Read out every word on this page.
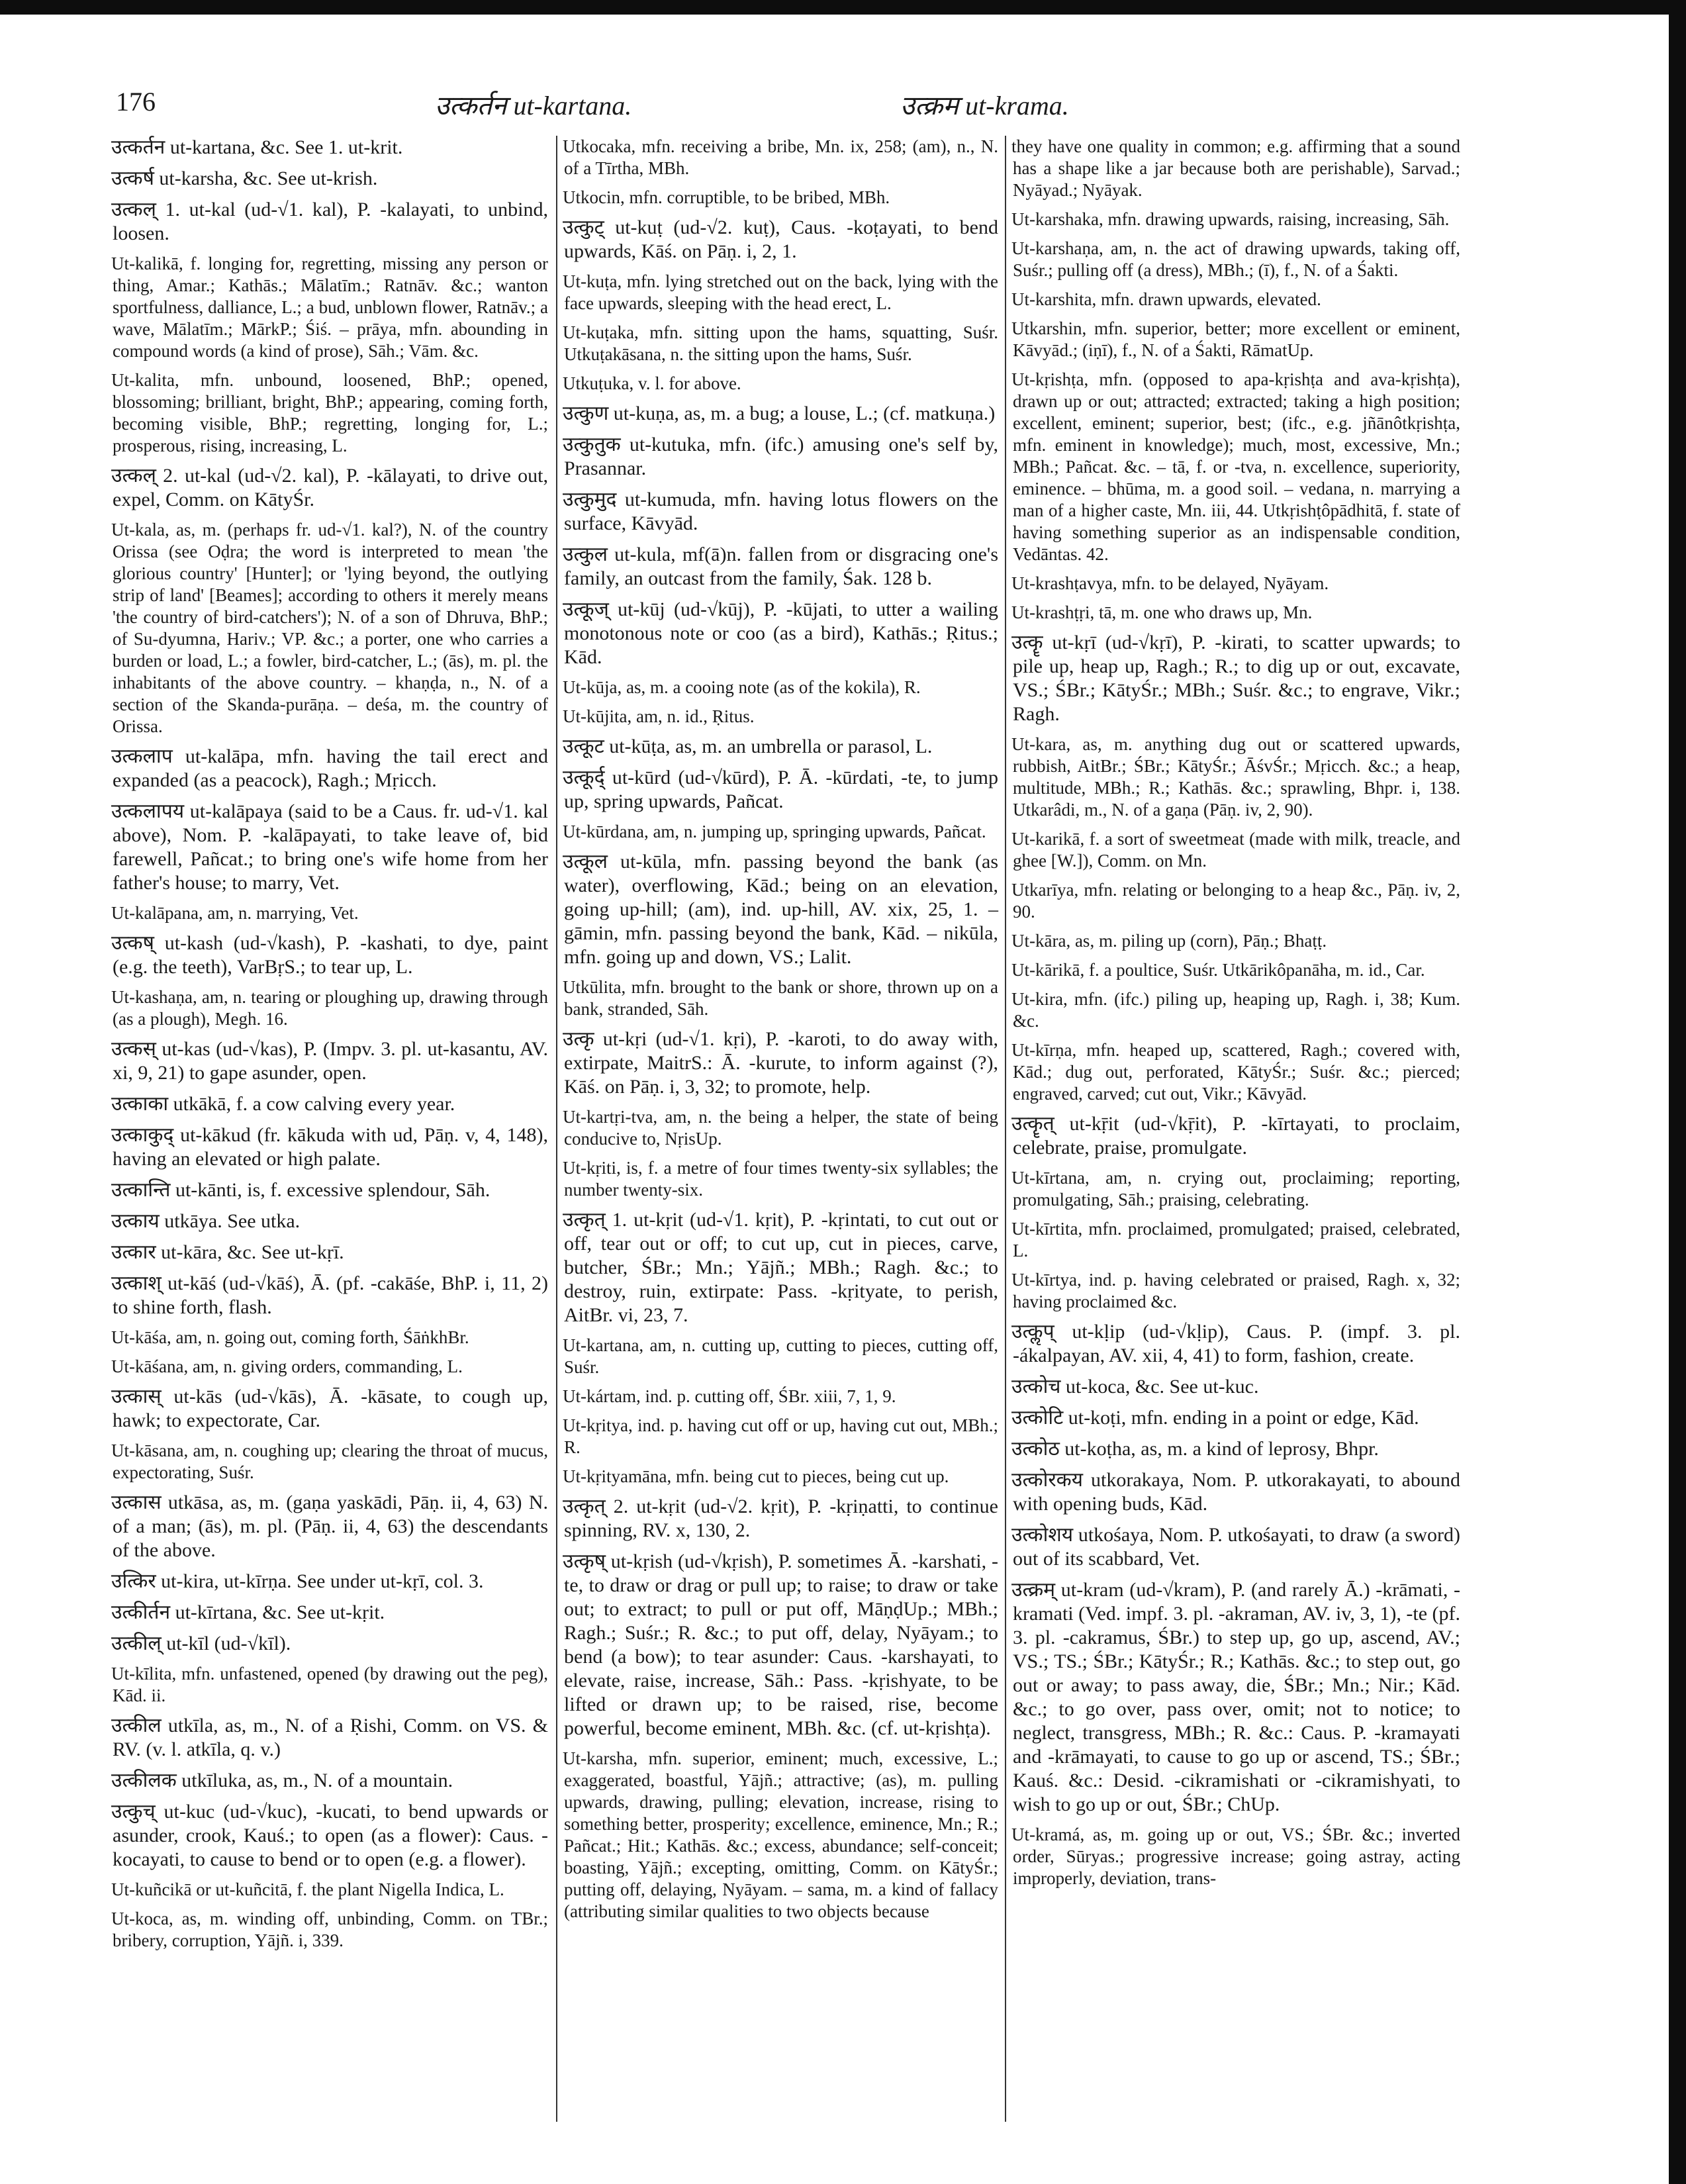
176	उत्कर्तन ut-kartana.	उत्क्रम ut-krama.

उत्कर्तन ut-kartana, &c. See 1. ut-krit.

उत्कर्ष ut-karsha, &c. See ut-krish.

उत्कल् 1. ut-kal (ud-√1. kal), P. -kalayati, to unbind, loosen.

Ut-kalikā, f. longing for, regretting, missing any person or thing, Amar.; Kathās.; Mālatīm.; Ratnāv. &c.; wanton sportfulness, dalliance, L.; a bud, unblown flower, Ratnāv.; a wave, Mālatīm.; MārkP.; Śiś. – prāya, mfn. abounding in compound words (a kind of prose), Sāh.; Vām. &c.

Ut-kalita, mfn. unbound, loosened, BhP.; opened, blossoming; brilliant, bright, BhP.; appearing, coming forth, becoming visible, BhP.; regretting, longing for, L.; prosperous, rising, increasing, L.

उत्कल् 2. ut-kal (ud-√2. kal), P. -kālayati, to drive out, expel, Comm. on KātyŚr.

Ut-kala, as, m. (perhaps fr. ud-√1. kal?), N. of the country Orissa (see Oḍra; the word is interpreted to mean 'the glorious country' [Hunter]; or 'lying beyond, the outlying strip of land' [Beames]; according to others it merely means 'the country of bird-catchers'); N. of a son of Dhruva, BhP.; of Su-dyumna, Hariv.; VP. &c.; a porter, one who carries a burden or load, L.; a fowler, bird-catcher, L.; (ās), m. pl. the inhabitants of the above country. – khaṇḍa, n., N. of a section of the Skanda-purāṇa. – deśa, m. the country of Orissa.

उत्कलाप ut-kalāpa, mfn. having the tail erect and expanded (as a peacock), Ragh.; Mṛicch.

उत्कलापय ut-kalāpaya (said to be a Caus. fr. ud-√1. kal above), Nom. P. -kalāpayati, to take leave of, bid farewell, Pañcat.; to bring one's wife home from her father's house; to marry, Vet.

Ut-kalāpana, am, n. marrying, Vet.

उत्कष् ut-kash (ud-√kash), P. -kashati, to dye, paint (e.g. the teeth), VarBṛS.; to tear up, L.

Ut-kashaṇa, am, n. tearing or ploughing up, drawing through (as a plough), Megh. 16.

उत्कस् ut-kas (ud-√kas), P. (Impv. 3. pl. ut-kasantu, AV. xi, 9, 21) to gape asunder, open.

उत्काका utkākā, f. a cow calving every year.

उत्काकुद् ut-kākud (fr. kākuda with ud, Pāṇ. v, 4, 148), having an elevated or high palate.

उत्कान्ति ut-kānti, is, f. excessive splendour, Sāh.

उत्काय utkāya. See utka.

उत्कार ut-kāra, &c. See ut-kṛī.

उत्काश् ut-kāś (ud-√kāś), Ā. (pf. -cakāśe, BhP. i, 11, 2) to shine forth, flash.

Ut-kāśa, am, n. going out, coming forth, ŚāṅkhBr.

Ut-kāśana, am, n. giving orders, commanding, L.

उत्कास् ut-kās (ud-√kās), Ā. -kāsate, to cough up, hawk; to expectorate, Car.

Ut-kāsana, am, n. coughing up; clearing the throat of mucus, expectorating, Suśr.

उत्कास utkāsa, as, m. (gaṇa yaskādi, Pāṇ. ii, 4, 63) N. of a man; (ās), m. pl. (Pāṇ. ii, 4, 63) the descendants of the above.

उत्किर ut-kira, ut-kīrṇa. See under ut-kṛī, col. 3.

उत्कीर्तन ut-kīrtana, &c. See ut-kṛit.

उत्कील् ut-kīl (ud-√kīl).

Ut-kīlita, mfn. unfastened, opened (by drawing out the peg), Kād. ii.

उत्कील utkīla, as, m., N. of a Ṛishi, Comm. on VS. & RV. (v. l. atkīla, q. v.)

उत्कीलक utkīluka, as, m., N. of a mountain.

उत्कुच् ut-kuc (ud-√kuc), -kucati, to bend upwards or asunder, crook, Kauś.; to open (as a flower): Caus. -kocayati, to cause to bend or to open (e.g. a flower).

Ut-kuñcikā or ut-kuñcitā, f. the plant Nigella Indica, L.

Ut-koca, as, m. winding off, unbinding, Comm. on TBr.; bribery, corruption, Yājñ. i, 339.

Utkocaka, mfn. receiving a bribe, Mn. ix, 258; (am), n., N. of a Tīrtha, MBh.

Utkocin, mfn. corruptible, to be bribed, MBh.

उत्कुट् ut-kuṭ (ud-√2. kuṭ), Caus. -koṭayati, to bend upwards, Kāś. on Pāṇ. i, 2, 1.

Ut-kuṭa, mfn. lying stretched out on the back, lying with the face upwards, sleeping with the head erect, L.

Ut-kuṭaka, mfn. sitting upon the hams, squatting, Suśr. Utkuṭakāsana, n. the sitting upon the hams, Suśr.

Utkuṭuka, v. l. for above.

उत्कुण ut-kuṇa, as, m. a bug; a louse, L.; (cf. matkuṇa.)

उत्कुतुक ut-kutuka, mfn. (ifc.) amusing one's self by, Prasannar.

उत्कुमुद ut-kumuda, mfn. having lotus flowers on the surface, Kāvyād.

उत्कुल ut-kula, mf(ā)n. fallen from or disgracing one's family, an outcast from the family, Śak. 128 b.

उत्कूज् ut-kūj (ud-√kūj), P. -kūjati, to utter a wailing monotonous note or coo (as a bird), Kathās.; Ṛitus.; Kād.

Ut-kūja, as, m. a cooing note (as of the kokila), R.

Ut-kūjita, am, n. id., Ṛitus.

उत्कूट ut-kūṭa, as, m. an umbrella or parasol, L.

उत्कूर्द् ut-kūrd (ud-√kūrd), P. Ā. -kūrdati, -te, to jump up, spring upwards, Pañcat.

Ut-kūrdana, am, n. jumping up, springing upwards, Pañcat.

उत्कूल ut-kūla, mfn. passing beyond the bank (as water), overflowing, Kād.; being on an elevation, going up-hill; (am), ind. up-hill, AV. xix, 25, 1. – gāmin, mfn. passing beyond the bank, Kād. – nikūla, mfn. going up and down, VS.; Lalit.

Utkūlita, mfn. brought to the bank or shore, thrown up on a bank, stranded, Sāh.

उत्कृ ut-kṛi (ud-√1. kṛi), P. -karoti, to do away with, extirpate, MaitrS.: Ā. -kurute, to inform against (?), Kāś. on Pāṇ. i, 3, 32; to promote, help.

Ut-kartṛi-tva, am, n. the being a helper, the state of being conducive to, NṛisUp.

Ut-kṛiti, is, f. a metre of four times twenty-six syllables; the number twenty-six.

उत्कृत् 1. ut-kṛit (ud-√1. kṛit), P. -kṛintati, to cut out or off, tear out or off; to cut up, cut in pieces, carve, butcher, ŚBr.; Mn.; Yājñ.; MBh.; Ragh. &c.; to destroy, ruin, extirpate: Pass. -kṛityate, to perish, AitBr. vi, 23, 7.

Ut-kartana, am, n. cutting up, cutting to pieces, cutting off, Suśr.

Ut-kártam, ind. p. cutting off, ŚBr. xiii, 7, 1, 9.

Ut-kṛitya, ind. p. having cut off or up, having cut out, MBh.; R.

Ut-kṛityamāna, mfn. being cut to pieces, being cut up.

उत्कृत् 2. ut-kṛit (ud-√2. kṛit), P. -kṛiṇatti, to continue spinning, RV. x, 130, 2.

उत्कृष् ut-kṛish (ud-√kṛish), P. sometimes Ā. -karshati, -te, to draw or drag or pull up; to raise; to draw or take out; to extract; to pull or put off, MāṇḍUp.; MBh.; Ragh.; Suśr.; R. &c.; to put off, delay, Nyāyam.; to bend (a bow); to tear asunder: Caus. -karshayati, to elevate, raise, increase, Sāh.: Pass. -kṛishyate, to be lifted or drawn up; to be raised, rise, become powerful, become eminent, MBh. &c. (cf. ut-kṛishṭa).

Ut-karsha, mfn. superior, eminent; much, excessive, L.; exaggerated, boastful, Yājñ.; attractive; (as), m. pulling upwards, drawing, pulling; elevation, increase, rising to something better, prosperity; excellence, eminence, Mn.; R.; Pañcat.; Hit.; Kathās. &c.; excess, abundance; self-conceit; boasting, Yājñ.; excepting, omitting, Comm. on KātyŚr.; putting off, delaying, Nyāyam. – sama, m. a kind of fallacy (attributing similar qualities to two objects because

they have one quality in common; e.g. affirming that a sound has a shape like a jar because both are perishable), Sarvad.; Nyāyad.; Nyāyak.

Ut-karshaka, mfn. drawing upwards, raising, increasing, Sāh.

Ut-karshaṇa, am, n. the act of drawing upwards, taking off, Suśr.; pulling off (a dress), MBh.; (ī), f., N. of a Śakti.

Ut-karshita, mfn. drawn upwards, elevated.

Utkarshin, mfn. superior, better; more excellent or eminent, Kāvyād.; (iṇī), f., N. of a Śakti, RāmatUp.

Ut-kṛishṭa, mfn. (opposed to apa-kṛishṭa and ava-kṛishṭa), drawn up or out; attracted; extracted; taking a high position; excellent, eminent; superior, best; (ifc., e.g. jñānôtkṛishṭa, mfn. eminent in knowledge); much, most, excessive, Mn.; MBh.; Pañcat. &c. – tā, f. or -tva, n. excellence, superiority, eminence. – bhūma, m. a good soil. – vedana, n. marrying a man of a higher caste, Mn. iii, 44. Utkṛishṭôpādhitā, f. state of having something superior as an indispensable condition, Vedāntas. 42.

Ut-krashṭavya, mfn. to be delayed, Nyāyam.

Ut-krashṭṛi, tā, m. one who draws up, Mn.

उत्कॄ ut-kṛī (ud-√kṛī), P. -kirati, to scatter upwards; to pile up, heap up, Ragh.; R.; to dig up or out, excavate, VS.; ŚBr.; KātyŚr.; MBh.; Suśr. &c.; to engrave, Vikr.; Ragh.

Ut-kara, as, m. anything dug out or scattered upwards, rubbish, AitBr.; ŚBr.; KātyŚr.; ĀśvŚr.; Mṛicch. &c.; a heap, multitude, MBh.; R.; Kathās. &c.; sprawling, Bhpr. i, 138. Utkarâdi, m., N. of a gaṇa (Pāṇ. iv, 2, 90).

Ut-karikā, f. a sort of sweetmeat (made with milk, treacle, and ghee [W.]), Comm. on Mn.

Utkarīya, mfn. relating or belonging to a heap &c., Pāṇ. iv, 2, 90.

Ut-kāra, as, m. piling up (corn), Pāṇ.; Bhaṭṭ.

Ut-kārikā, f. a poultice, Suśr. Utkārikôpanāha, m. id., Car.

Ut-kira, mfn. (ifc.) piling up, heaping up, Ragh. i, 38; Kum. &c.

Ut-kīrṇa, mfn. heaped up, scattered, Ragh.; covered with, Kād.; dug out, perforated, KātyŚr.; Suśr. &c.; pierced; engraved, carved; cut out, Vikr.; Kāvyād.

उत्कॄत् ut-kṝit (ud-√kṝit), P. -kīrtayati, to proclaim, celebrate, praise, promulgate.

Ut-kīrtana, am, n. crying out, proclaiming; reporting, promulgating, Sāh.; praising, celebrating.

Ut-kīrtita, mfn. proclaimed, promulgated; praised, celebrated, L.

Ut-kīrtya, ind. p. having celebrated or praised, Ragh. x, 32; having proclaimed &c.

उत्कॢप् ut-kḷip (ud-√kḷip), Caus. P. (impf. 3. pl. -ákalpayan, AV. xii, 4, 41) to form, fashion, create.

उत्कोच ut-koca, &c. See ut-kuc.

उत्कोटि ut-koṭi, mfn. ending in a point or edge, Kād.

उत्कोठ ut-koṭha, as, m. a kind of leprosy, Bhpr.

उत्कोरकय utkorakaya, Nom. P. utkorakayati, to abound with opening buds, Kād.

उत्कोशय utkośaya, Nom. P. utkośayati, to draw (a sword) out of its scabbard, Vet.

उत्क्रम् ut-kram (ud-√kram), P. (and rarely Ā.) -krāmati, -kramati (Ved. impf. 3. pl. -akraman, AV. iv, 3, 1), -te (pf. 3. pl. -cakramus, ŚBr.) to step up, go up, ascend, AV.; VS.; TS.; ŚBr.; KātyŚr.; R.; Kathās. &c.; to step out, go out or away; to pass away, die, ŚBr.; Mn.; Nir.; Kād. &c.; to go over, pass over, omit; not to notice; to neglect, transgress, MBh.; R. &c.: Caus. P. -kramayati and -krāmayati, to cause to go up or ascend, TS.; ŚBr.; Kauś. &c.: Desid. -cikramishati or -cikramishyati, to wish to go up or out, ŚBr.; ChUp.

Ut-kramá, as, m. going up or out, VS.; ŚBr. &c.; inverted order, Sūryas.; progressive increase; going astray, acting improperly, deviation, trans-
